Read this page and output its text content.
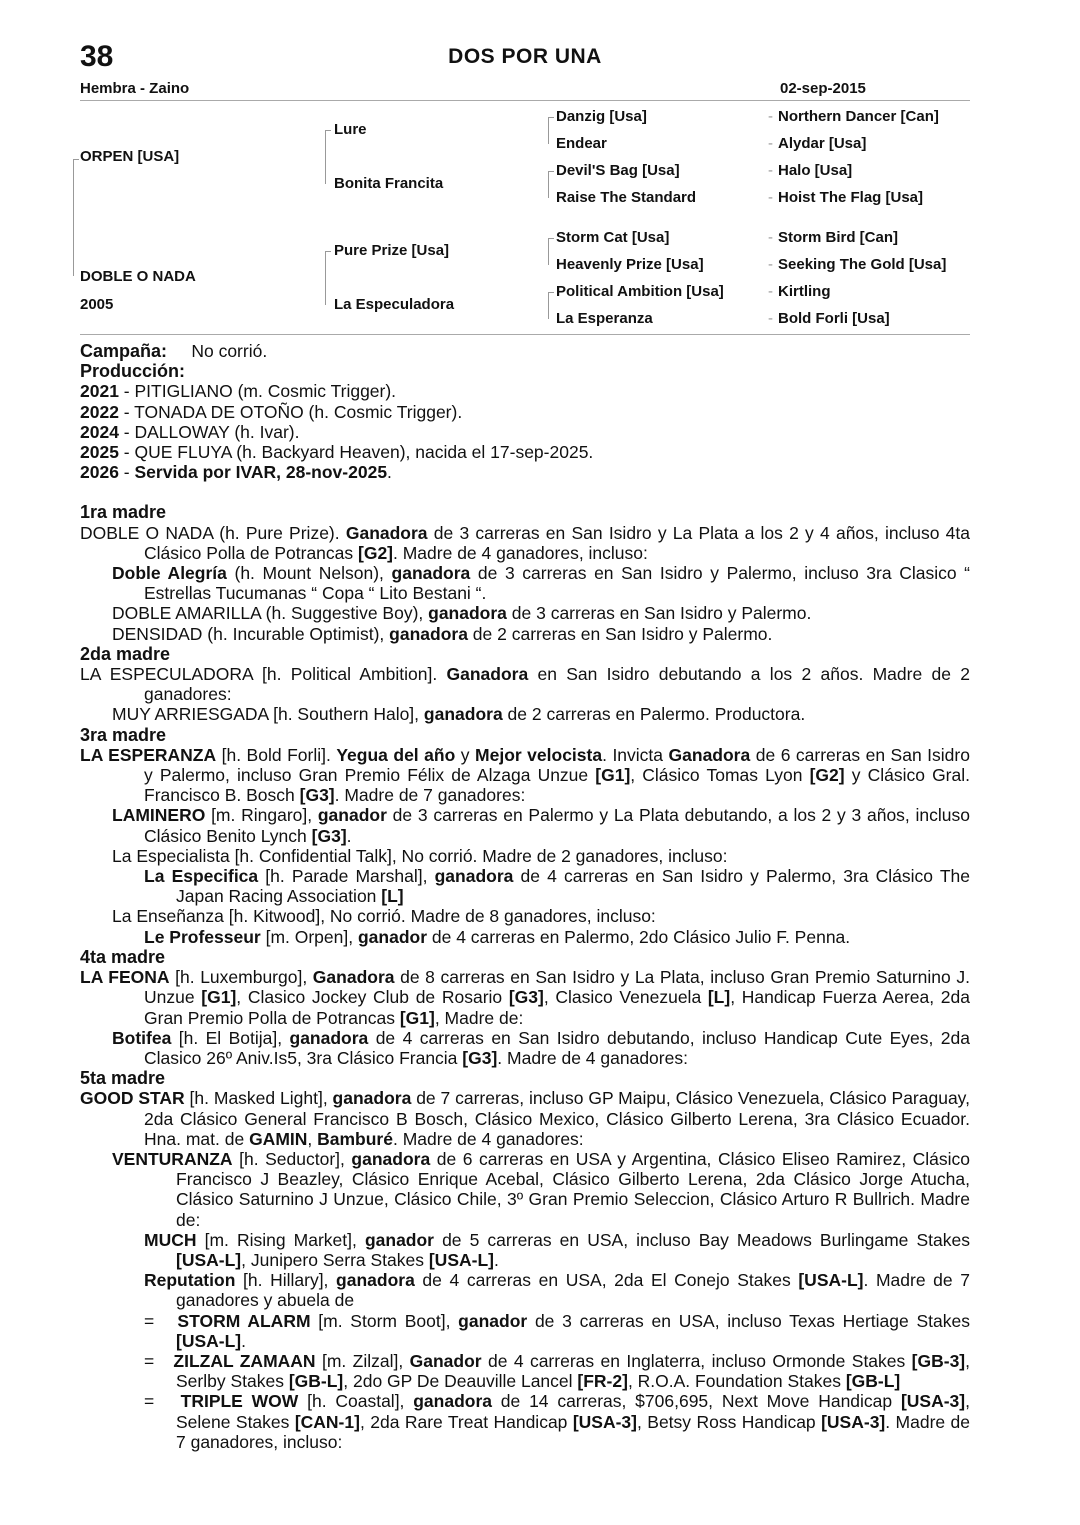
38	DOS POR UNA
Hembra - Zaino	02-sep-2015
ORPEN [USA]
DOBLE O NADA
2005
Lure
Bonita Francita
Pure Prize [Usa]
La Especuladora
Danzig [Usa]
Endear
Devil'S Bag [Usa]
Raise The Standard
Storm Cat [Usa]
Heavenly Prize [Usa]
Political Ambition [Usa]
La Esperanza
- Northern Dancer [Can]
- Alydar [Usa]
- Halo [Usa]
- Hoist The Flag [Usa]
- Storm Bird [Can]
- Seeking The Gold [Usa]
- Kirtling
- Bold Forli [Usa]

Campaña: No corrió.

Producción:

2021 - PITIGLIANO (m. Cosmic Trigger).

2022 - TONADA DE OTOÑO (h. Cosmic Trigger).

2024 - DALLOWAY (h. Ivar).

2025 - QUE FLUYA (h. Backyard Heaven), nacida el 17-sep-2025.

2026 - Servida por IVAR, 28-nov-2025.

1ra madre

DOBLE O NADA (h. Pure Prize). Ganadora de 3 carreras en San Isidro y La Plata a los 2 y 4 años, incluso 4ta Clásico Polla de Potrancas [G2]. Madre de 4 ganadores, incluso:

Doble Alegría (h. Mount Nelson), ganadora de 3 carreras en San Isidro y Palermo, incluso 3ra Clasico “ Estrellas Tucumanas “ Copa “ Lito Bestani “.

DOBLE AMARILLA (h. Suggestive Boy), ganadora de 3 carreras en San Isidro y Palermo.

DENSIDAD (h. Incurable Optimist), ganadora de 2 carreras en San Isidro y Palermo.

2da madre

LA ESPECULADORA [h. Political Ambition]. Ganadora en San Isidro debutando a los 2 años. Madre de 2 ganadores:

MUY ARRIESGADA [h. Southern Halo], ganadora de 2 carreras en Palermo. Productora.

3ra madre

LA ESPERANZA [h. Bold Forli]. Yegua del año y Mejor velocista. Invicta Ganadora de 6 carreras en San Isidro y Palermo, incluso Gran Premio Félix de Alzaga Unzue [G1], Clásico Tomas Lyon [G2] y Clásico Gral. Francisco B. Bosch [G3]. Madre de 7 ganadores:

LAMINERO [m. Ringaro], ganador de 3 carreras en Palermo y La Plata debutando, a los 2 y 3 años, incluso Clásico Benito Lynch [G3].

La Especialista [h. Confidential Talk], No corrió. Madre de 2 ganadores, incluso:

La Especifica [h. Parade Marshal], ganadora de 4 carreras en San Isidro y Palermo, 3ra Clásico The Japan Racing Association [L]

La Enseñanza [h. Kitwood], No corrió. Madre de 8 ganadores, incluso:

Le Professeur [m. Orpen], ganador de 4 carreras en Palermo, 2do Clásico Julio F. Penna.

4ta madre

LA FEONA [h. Luxemburgo], Ganadora de 8 carreras en San Isidro y La Plata, incluso Gran Premio Saturnino J. Unzue [G1], Clasico Jockey Club de Rosario [G3], Clasico Venezuela [L], Handicap Fuerza Aerea, 2da Gran Premio Polla de Potrancas [G1], Madre de:

Botifea [h. El Botija], ganadora de 4 carreras en San Isidro debutando, incluso Handicap Cute Eyes, 2da Clasico 26º Aniv.Is5, 3ra Clásico Francia [G3]. Madre de 4 ganadores:

5ta madre

GOOD STAR [h. Masked Light], ganadora de 7 carreras, incluso GP Maipu, Clásico Venezuela, Clásico Paraguay, 2da Clásico General Francisco B Bosch, Clásico Mexico, Clásico Gilberto Lerena, 3ra Clásico Ecuador. Hna. mat. de GAMIN, Bamburé. Madre de 4 ganadores:

VENTURANZA [h. Seductor], ganadora de 6 carreras en USA y Argentina, Clásico Eliseo Ramirez, Clásico Francisco J Beazley, Clásico Enrique Acebal, Clásico Gilberto Lerena, 2da Clásico Jorge Atucha, Clásico Saturnino J Unzue, Clásico Chile, 3º Gran Premio Seleccion, Clásico Arturo R Bullrich. Madre de:

MUCH [m. Rising Market], ganador de 5 carreras en USA, incluso Bay Meadows Burlingame Stakes [USA-L], Junipero Serra Stakes [USA-L].

Reputation [h. Hillary], ganadora de 4 carreras en USA, 2da El Conejo Stakes [USA-L]. Madre de 7 ganadores y abuela de

=   STORM ALARM [m. Storm Boot], ganador de 3 carreras en USA, incluso Texas Hertiage Stakes [USA-L].

=   ZILZAL ZAMAAN [m. Zilzal], Ganador de 4 carreras en Inglaterra, incluso Ormonde Stakes [GB-3], Serlby Stakes [GB-L], 2do GP De Deauville Lancel [FR-2], R.O.A. Foundation Stakes [GB-L]

=   TRIPLE WOW [h. Coastal], ganadora de 14 carreras, $706,695, Next Move Handicap [USA-3], Selene Stakes [CAN-1], 2da Rare Treat Handicap [USA-3], Betsy Ross Handicap [USA-3]. Madre de 7 ganadores, incluso:
